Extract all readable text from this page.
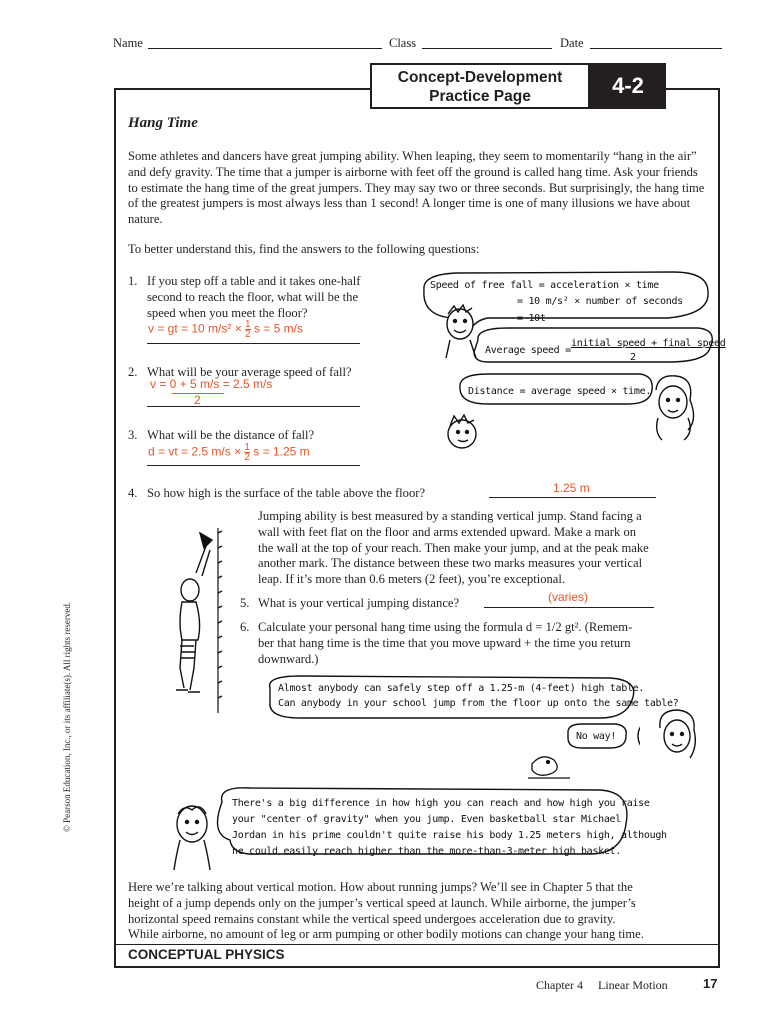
Name	Class	Date
Concept-Development
Practice Page	4-2
Hang Time
Some athletes and dancers have great jumping ability. When leaping, they seem to momentarily “hang in the air” and defy gravity. The time that a jumper is airborne with feet off the ground is called hang time. Ask your friends to estimate the hang time of the great jumpers. They may say two or three seconds. But surprisingly, the hang time of the greatest jumpers is most always less than 1 second! A longer time is one of many illusions we have about nature.
To better understand this, find the answers to the following questions:
1. If you step off a table and it takes one-half
second to reach the floor, what will be the
speed when you meet the floor?
v = gt = 10 $m/s^2 \times \frac{1}{2}$ s = 5 m/s
2. What will be your average speed of fall?
v = 0 + 5 m/s = 2.5 m/s
2
3. What will be the distance of fall?
d = vt = 2.5 $m/s \times \frac{1}{2}$ s = 1.25 m
4. So how high is the surface of the table above the floor?	1.25 m
Speed of free fall = acceleration × time
= 10 m/s² × number of seconds
= 10t
Average speed =
initial speed + final speed
2
Distance = average speed × time.
Jumping ability is best measured by a standing vertical jump. Stand facing a
wall with feet flat on the floor and arms extended upward. Make a mark on
the wall at the top of your reach. Then make your jump, and at the peak make
another mark. The distance between these two marks measures your vertical
leap. If it’s more than 0.6 meters (2 feet), you’re exceptional.
5. What is your vertical jumping distance?	(varies)
6. Calculate your personal hang time using the formula d = 1/2 gt². (Remem-
ber that hang time is the time that you move upward + the time you return
downward.)
Almost anybody can safely step off a 1.25-m (4-feet) high table.
Can anybody in your school jump from the floor up onto the same table?
No way!
There's a big difference in how high you can reach and how high you raise
your "center of gravity" when you jump. Even basketball star Michael
Jordan in his prime couldn't quite raise his body 1.25 meters high, although
he could easily reach higher than the more-than-3-meter high basket.
Here we’re talking about vertical motion. How about running jumps? We’ll see in Chapter 5 that the
height of a jump depends only on the jumper’s vertical speed at launch. While airborne, the jumper’s
horizontal speed remains constant while the vertical speed undergoes acceleration due to gravity.
While airborne, no amount of leg or arm pumping or other bodily motions can change your hang time.
CONCEPTUAL PHYSICS
Chapter 4 Linear Motion	17
© Pearson Education, Inc., or its affiliate(s). All rights reserved.
